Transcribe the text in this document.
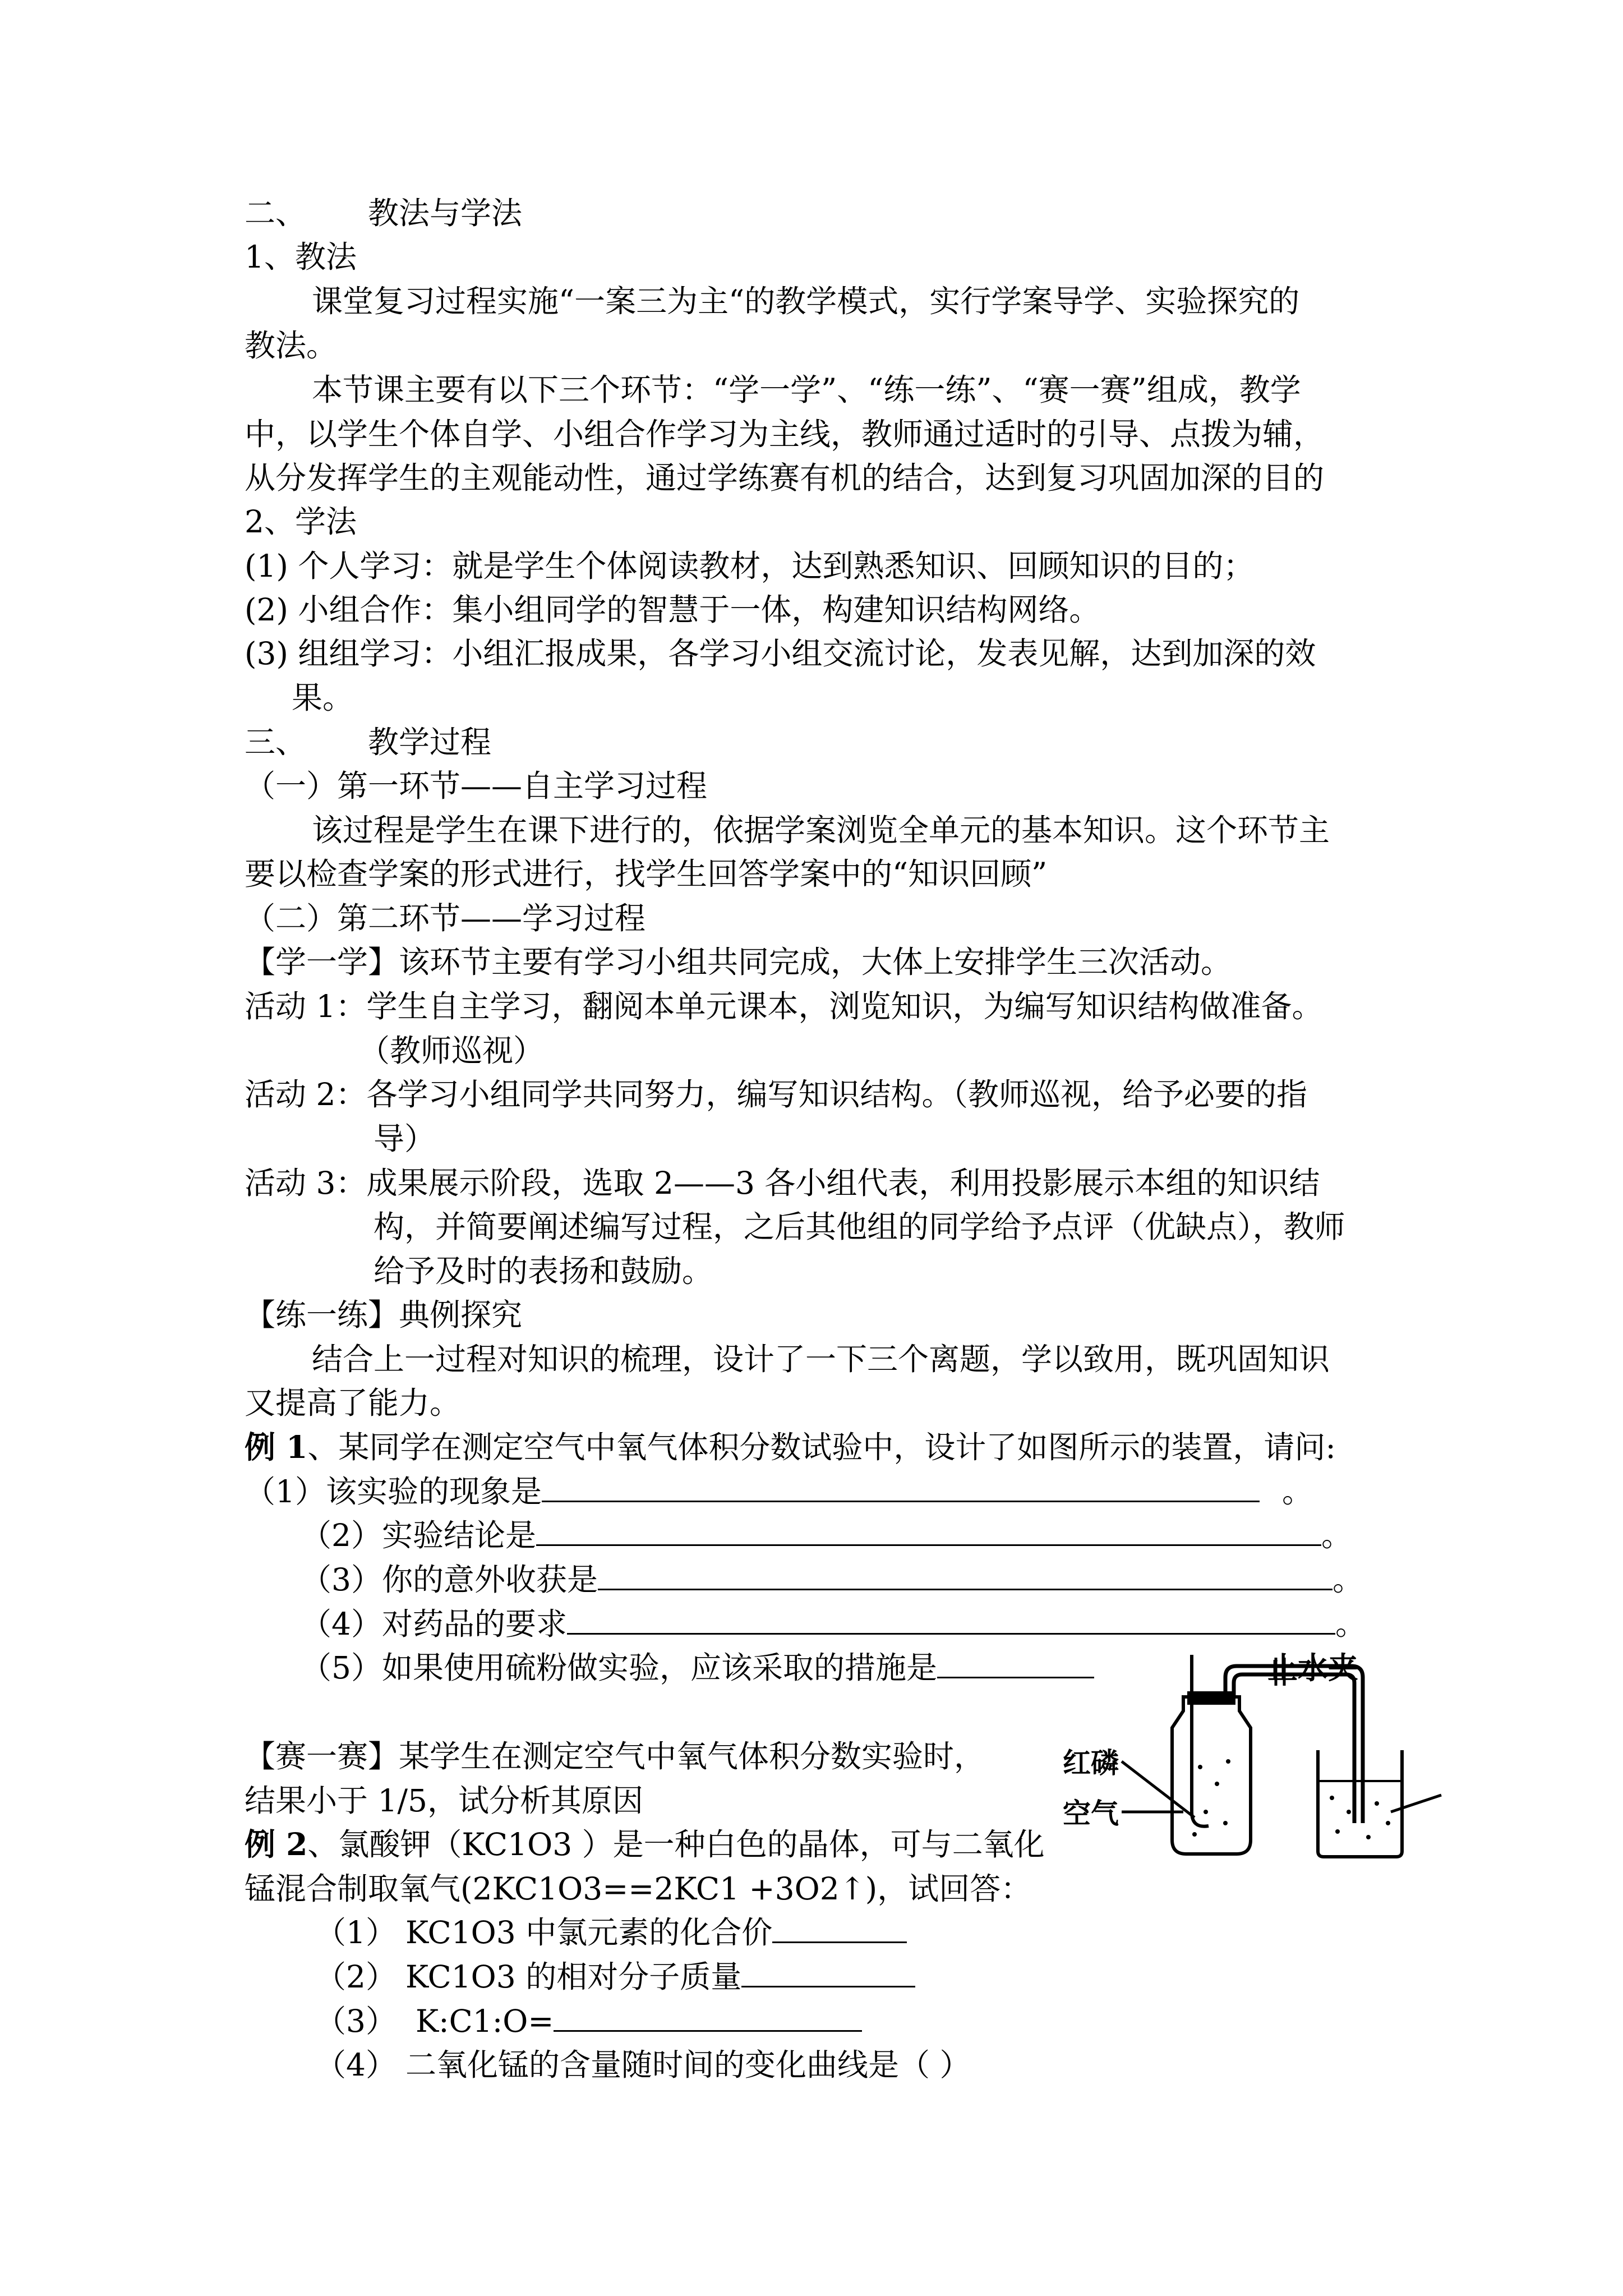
二、 教法与学法
1、教法
课堂复习过程实施“一案三为主“的教学模式，实行学案导学、实验探究的
教法。
本节课主要有以下三个环节：“学一学”、“练一练”、“赛一赛”组成，教学
中，以学生个体自学、小组合作学习为主线，教师通过适时的引导、点拨为辅，
从分发挥学生的主观能动性，通过学练赛有机的结合，达到复习巩固加深的目的
2、学法
(1) 个人学习：就是学生个体阅读教材，达到熟悉知识、回顾知识的目的；
(2) 小组合作：集小组同学的智慧于一体，构建知识结构网络。
(3) 组组学习：小组汇报成果，各学习小组交流讨论，发表见解，达到加深的效
果。
三、 教学过程
（一）第一环节——自主学习过程
该过程是学生在课下进行的，依据学案浏览全单元的基本知识。这个环节主
要以检查学案的形式进行，找学生回答学案中的“知识回顾”
（二）第二环节——学习过程
【学一学】该环节主要有学习小组共同完成，大体上安排学生三次活动。
活动 1：学生自主学习，翻阅本单元课本，浏览知识，为编写知识结构做准备。
（教师巡视）
活动 2：各学习小组同学共同努力，编写知识结构。（教师巡视，给予必要的指
导）
活动 3：成果展示阶段，选取 2——3 各小组代表，利用投影展示本组的知识结
构，并简要阐述编写过程，之后其他组的同学给予点评（优缺点），教师
给予及时的表扬和鼓励。
【练一练】典例探究
结合上一过程对知识的梳理，设计了一下三个离题，学以致用，既巩固知识
又提高了能力。
例 1、某同学在测定空气中氧气体积分数试验中，设计了如图所示的装置，请问:
（1）该实验的现象是	。
（2）实验结论是	。
（3）你的意外收获是	。
（4）对药品的要求	。
（5）如果使用硫粉做实验，应该采取的措施是
【赛一赛】某学生在测定空气中氧气体积分数实验时，
结果小于 1/5，试分析其原因
例 2、氯酸钾（KC1O3 ）是一种白色的晶体，可与二氧化
锰混合制取氧气(2KC1O3==2KC1 +3O2↑)，试回答：
（1） KC1O3 中氯元素的化合价
（2） KC1O3 的相对分子质量
（3） K:C1:O=
（4） 二氧化锰的含量随时间的变化曲线是（ ）
止水夹
红磷
空气
